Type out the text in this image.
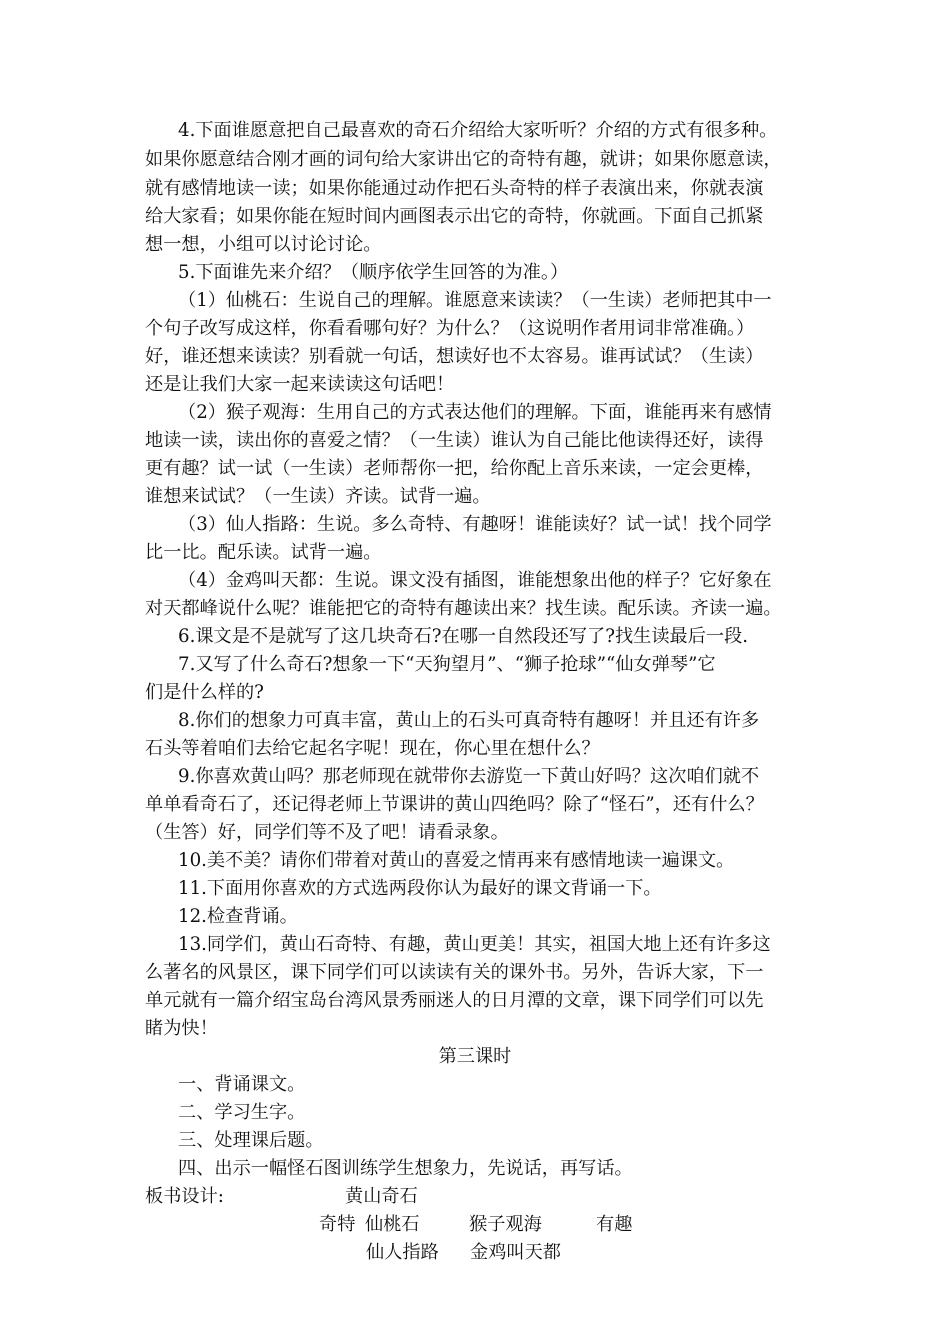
4.下面谁愿意把自己最喜欢的奇石介绍给大家听听？介绍的方式有很多种。
如果你愿意结合刚才画的词句给大家讲出它的奇特有趣，就讲；如果你愿意读，
就有感情地读一读；如果你能通过动作把石头奇特的样子表演出来，你就表演
给大家看；如果你能在短时间内画图表示出它的奇特，你就画。下面自己抓紧
想一想，小组可以讨论讨论。
5.下面谁先来介绍？（顺序依学生回答的为准。）
（1）仙桃石：生说自己的理解。谁愿意来读读？（一生读）老师把其中一
个句子改写成这样，你看看哪句好？为什么？（这说明作者用词非常准确。）
好，谁还想来读读？别看就一句话，想读好也不太容易。谁再试试？（生读）
还是让我们大家一起来读读这句话吧！
（2）猴子观海：生用自己的方式表达他们的理解。下面，谁能再来有感情
地读一读，读出你的喜爱之情？（一生读）谁认为自己能比他读得还好，读得
更有趣？试一试（一生读）老师帮你一把，给你配上音乐来读，一定会更棒，
谁想来试试？（一生读）齐读。试背一遍。
（3）仙人指路：生说。多么奇特、有趣呀！谁能读好？试一试！找个同学
比一比。配乐读。试背一遍。
（4）金鸡叫天都：生说。课文没有插图，谁能想象出他的样子？它好象在
对天都峰说什么呢？谁能把它的奇特有趣读出来？找生读。配乐读。齐读一遍。
6.课文是不是就写了这几块奇石?在哪一自然段还写了?找生读最后一段.
7.又写了什么奇石?想象一下“天狗望月”、“狮子抢球”“仙女弹琴”它
们是什么样的?
8.你们的想象力可真丰富，黄山上的石头可真奇特有趣呀！并且还有许多
石头等着咱们去给它起名字呢！现在，你心里在想什么？
9.你喜欢黄山吗？那老师现在就带你去游览一下黄山好吗？这次咱们就不
单单看奇石了，还记得老师上节课讲的黄山四绝吗？除了“怪石”，还有什么？
（生答）好，同学们等不及了吧！请看录象。
10.美不美？请你们带着对黄山的喜爱之情再来有感情地读一遍课文。
11.下面用你喜欢的方式选两段你认为最好的课文背诵一下。
12.检查背诵。
13.同学们，黄山石奇特、有趣，黄山更美！其实，祖国大地上还有许多这
么著名的风景区，课下同学们可以读读有关的课外书。另外，告诉大家，下一
单元就有一篇介绍宝岛台湾风景秀丽迷人的日月潭的文章，课下同学们可以先
睹为快！
第三课时
一、背诵课文。
二、学习生字。
三、处理课后题。
四、出示一幅怪石图训练学生想象力，先说话，再写话。
板书设计:	黄山奇石
奇特 仙桃石	猴子观海	有趣
仙人指路	金鸡叫天都
